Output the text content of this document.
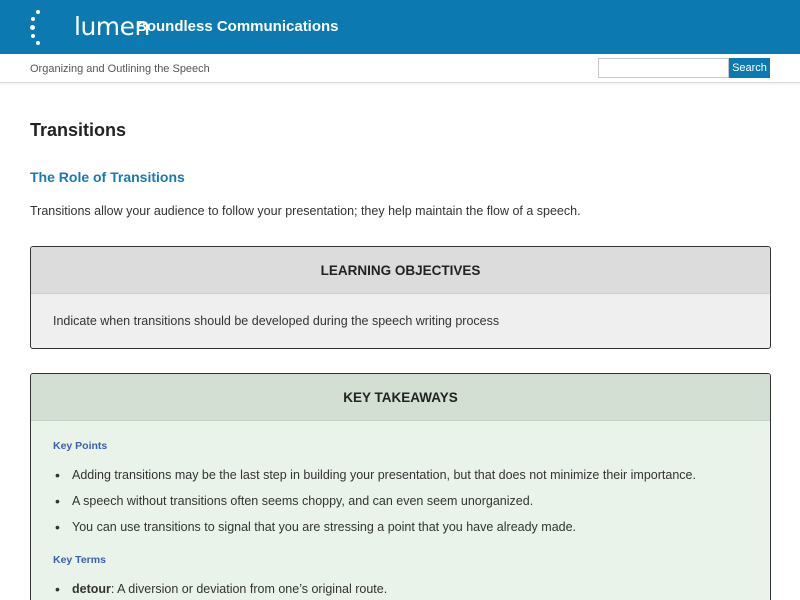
lumen
Boundless Communications
Organizing and Outlining the Speech	Search
Transitions
The Role of Transitions

Transitions allow your audience to follow your presentation; they help maintain the flow of a speech.

LEARNING OBJECTIVES
Indicate when transitions should be developed during the speech writing process
KEY TAKEAWAYS
Key Points
• Adding transitions may be the last step in building your presentation, but that does not minimize their importance.
• A speech without transitions often seems choppy, and can even seem unorganized.
• You can use transitions to signal that you are stressing a point that you have already made.
Key Terms
• detour: A diversion or deviation from one’s original route.
